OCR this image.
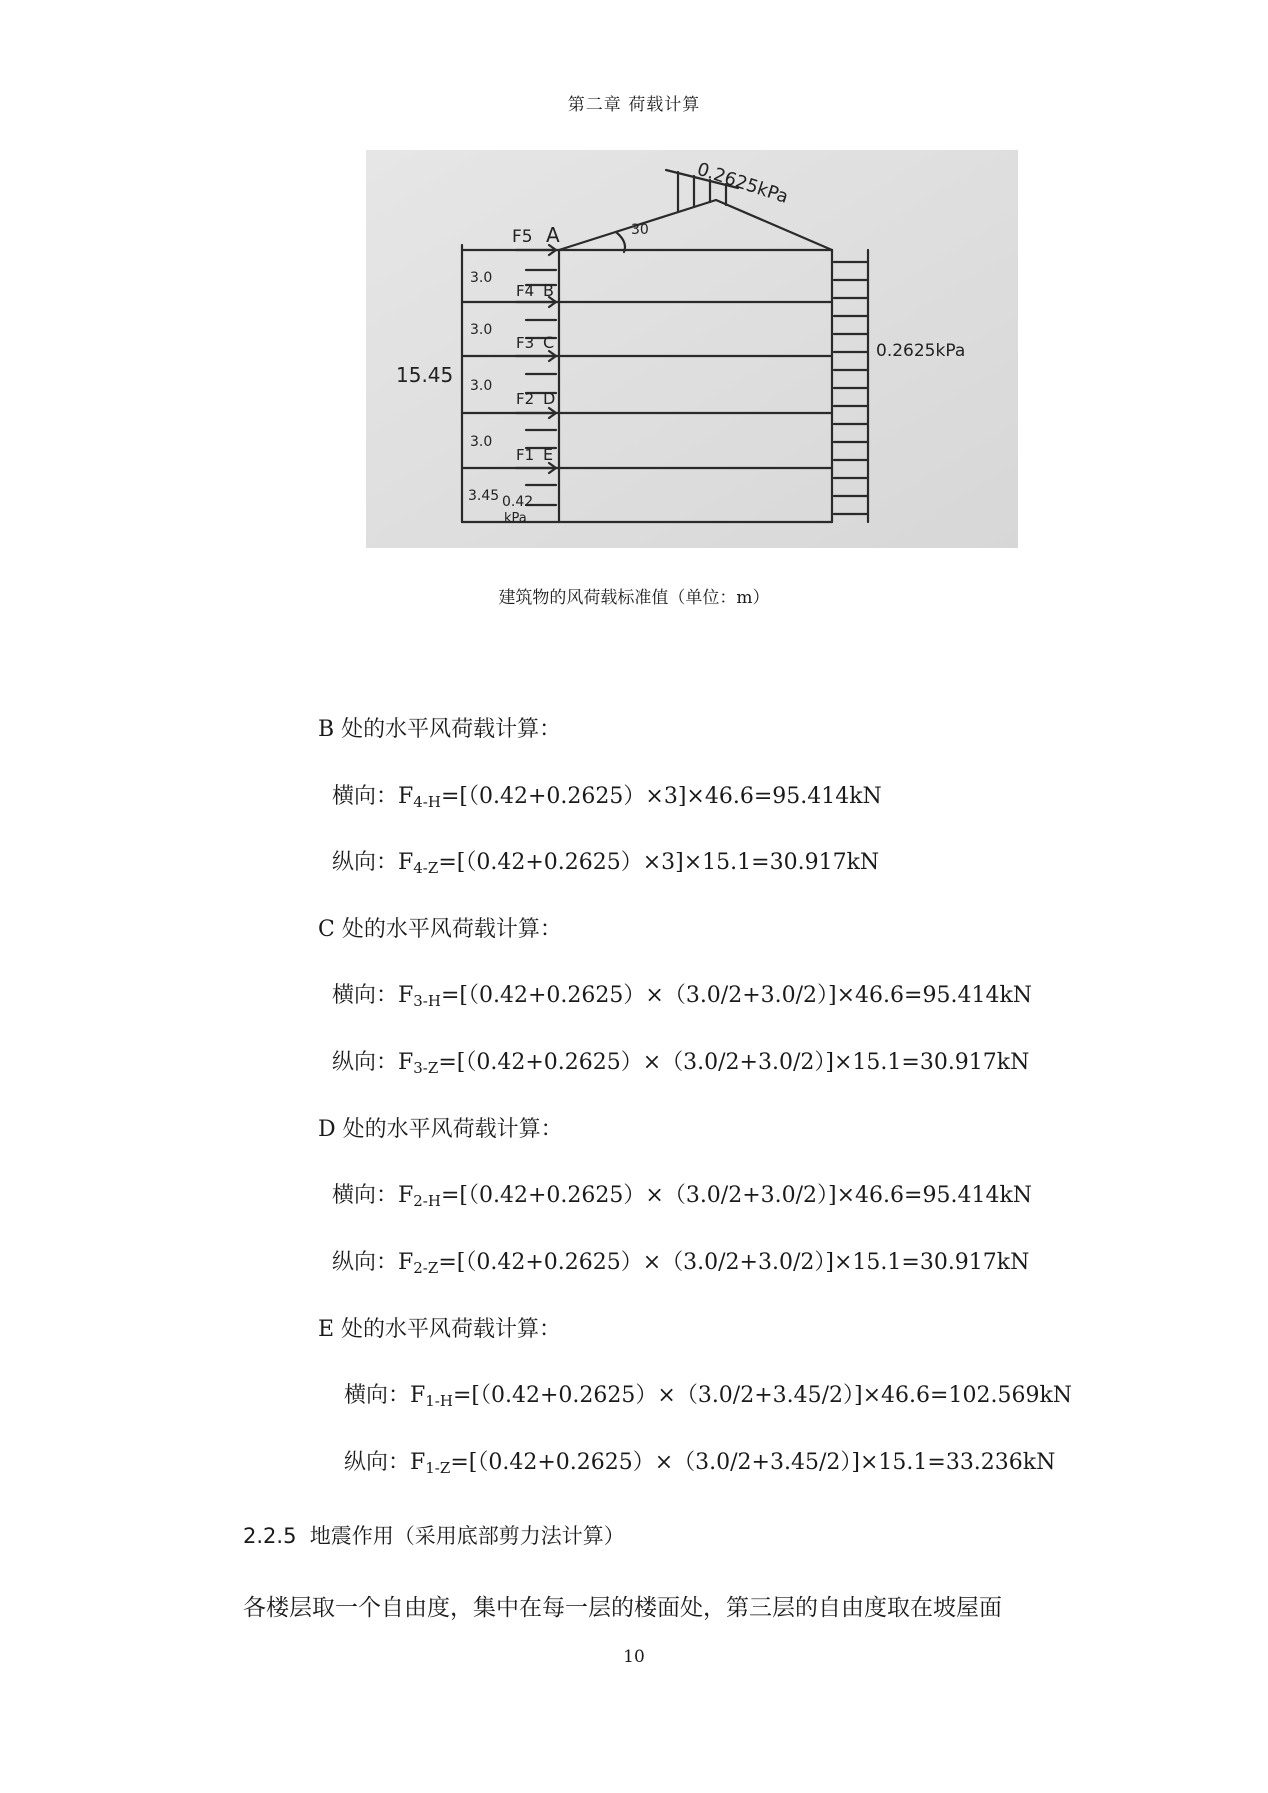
第二章 荷载计算
0.2625kPa
0.2625kPa
30
15.45
0.42
kPa
3.0
3.0
3.0
3.0
3.45
F5
F4
F3
F2
F1
A
B
C
D
E
建筑物的风荷载标准值（单位：m）
B 处的水平风荷载计算：
横向：F4-H=[（0.42+0.2625）×3]×46.6=95.414kN
纵向：F4-Z=[（0.42+0.2625）×3]×15.1=30.917kN
C 处的水平风荷载计算：
横向：F3-H=[（0.42+0.2625）×（3.0/2+3.0/2）]×46.6=95.414kN
纵向：F3-Z=[（0.42+0.2625）×（3.0/2+3.0/2）]×15.1=30.917kN
D 处的水平风荷载计算：
横向：F2-H=[（0.42+0.2625）×（3.0/2+3.0/2）]×46.6=95.414kN
纵向：F2-Z=[（0.42+0.2625）×（3.0/2+3.0/2）]×15.1=30.917kN
E 处的水平风荷载计算：
横向：F1-H=[（0.42+0.2625）×（3.0/2+3.45/2）]×46.6=102.569kN
纵向：F1-Z=[（0.42+0.2625）×（3.0/2+3.45/2）]×15.1=33.236kN
2.2.5 地震作用（采用底部剪力法计算）
各楼层取一个自由度，集中在每一层的楼面处，第三层的自由度取在坡屋面
10
